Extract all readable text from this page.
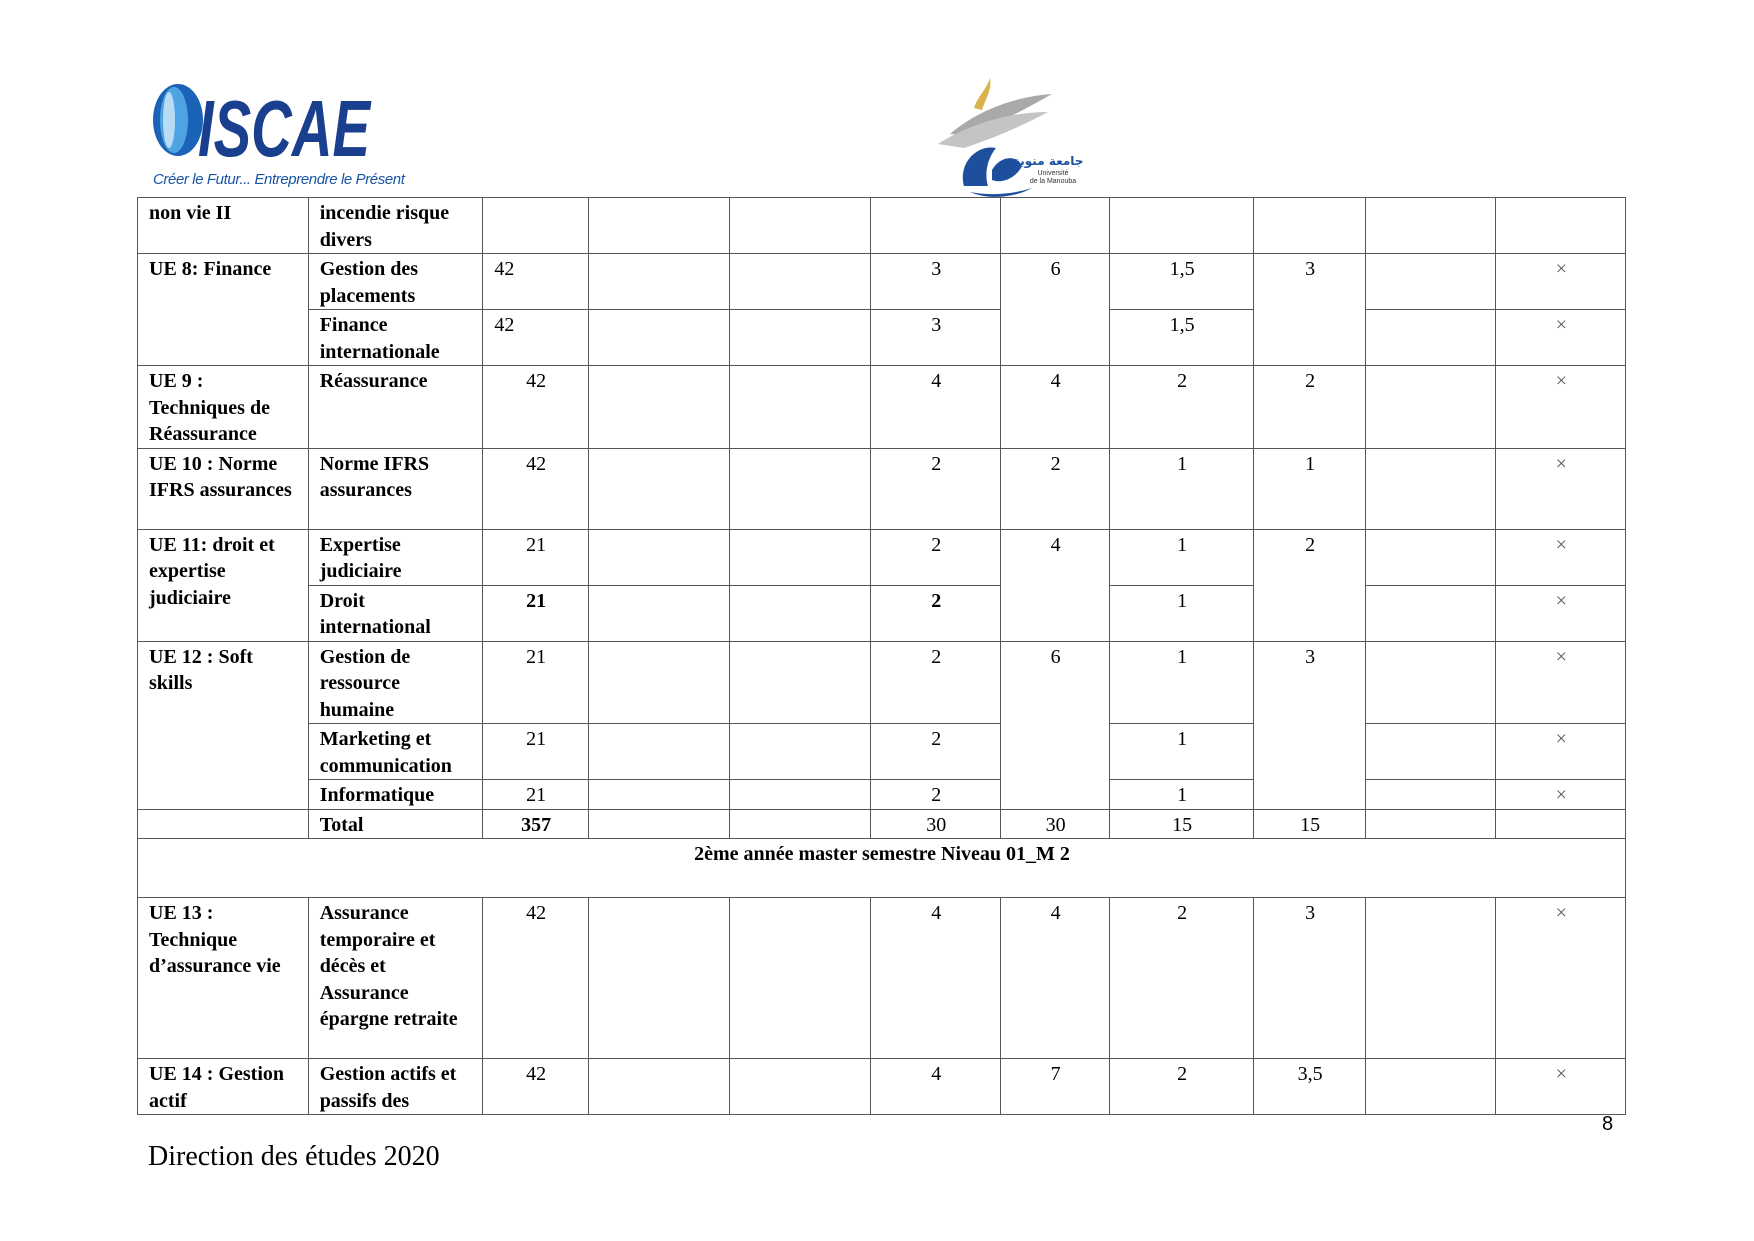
ISCAE
Créer le Futur... Entreprendre le Présent
جامعة منوبة
Université
de la Manouba
non vie II	incendie risque divers									
UE 8: Finance	Gestion des placements	42			3	6	1,5	3		×
	Finance internationale	42			3		1,5			×
UE 9 : Techniques de Réassurance	Réassurance	42			4	4	2	2		×
UE 10 : Norme IFRS assurances	Norme IFRS assurances	42			2	2	1	1		×
UE 11: droit et expertise judiciaire	Expertise judiciaire	21			2	4	1	2		×
	Droit international	21			2		1			×
UE 12 : Soft skills	Gestion de ressource humaine	21			2	6	1	3		×
	Marketing et communication	21			2		1			×
	Informatique	21			2		1			×
	Total	357			30	30	15	15		
2ème année master semestre Niveau 01_M 2										
UE 13 : Technique d’assurance vie	Assurance temporaire et décès et Assurance épargne retraite	42			4	4	2	3		×
UE 14 : Gestion actif	Gestion actifs et passifs des	42			4	7	2	3,5		×
8
Direction des études 2020
